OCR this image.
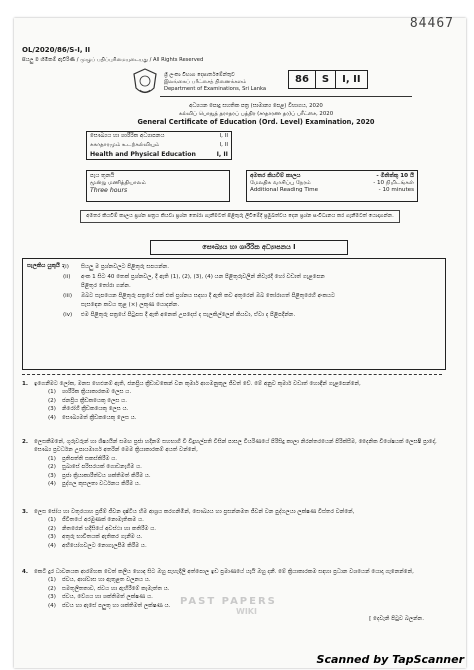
84467
OL/2020/86/S-I, II
සියලු ම හිමිකම් ඇවිරිණි / முழுப் பதிப்புரிமையுடையது / All Rights Reserved
ශ්‍රී ලංකා විභාග දෙපාර්තමේන්තුව
இலங்கைப் பரீட்சைத் திணைக்களம்
Department of Examinations, Sri Lanka
86	S	I, II
අධ්‍යයන පොදු සහතික පත්‍ර (සාමාන්‍ය පෙළ) විභාගය, 2020
கல்விப் பொதுத் தராதரப் பத்திர (சாதாரண தர)ப் பரீட்சை, 2020
General Certificate of Education (Ord. Level) Examination, 2020
සෞඛ්‍යය හා ශාරීරික අධ්‍යාපනය	I, II
சுகாதாரமும் உடற்கல்வியும்	I, II
Health and Physical Education	I, II
පැය තුනයි
மூன்று மணித்தியாலம்
Three hours
අමතර කියවීම් කාලය	- මිනිත්තු 10 යි
மேலதிக வாசிப்பு நேரம்	- 10 நிமிடங்கள்
Additional Reading Time	- 10 minutes
අමතර කියවීම් කාලය ප්‍රශ්න පත්‍රය කියවා ප්‍රශ්න තෝරා ගැනීමටත් පිළිතුරු ලිවීමේදී ප්‍රමුඛත්වය දෙන ප්‍රශ්න සංවිධානය කර ගැනීමටත් යොදාගන්න.
සෞඛ්‍යය හා ශාරීරික අධ්‍යාපනය I
සැලකිය යුතුයි :
(i)	සියලු ම ප්‍රශ්නවලට පිළිතුරු සපයන්න.
(ii)	අංක 1 සිට 40 තෙක් ප්‍රශ්නවල, දී ඇති (1), (2), (3), (4) යන පිළිතුරුවලින් නිවැරදි හෝ වඩාත් ගැළපෙන
පිළිතුර තෝරා ගන්න.
(iii)	ඔබට සැපයෙන පිළිතුරු පත්‍රයේ එක් එක් ප්‍රශ්නය සඳහා දී ඇති කව අතුරෙන් ඔබ තෝරාගත් පිළිතුරෙහි අංකයට
සැසඳෙන කවය තුළ (×) ලකුණ යොදන්න.
(iv)	එම පිළිතුරු පත්‍රයේ පිටුපස දී ඇති අනෙක් උපදෙස් ද සැලකිල්ලෙන් කියවා, ඒවා ද පිළිපදින්න.
1. ඉගෙනීමට ලෝක, මනස හෙළුනම් ඇති, ජනප්‍රිය ක්‍රීඩාවකෙන් වන කුමාර් ආගමනුකූල ජීවත් වේ. මේ අනුව කුමාර් වඩාත් හොඳින් ගැළපෙන්නේ,
(1)	ශාරීරික ක්‍රියාකාරකම ලෙස ය.
(2)	ජනප්‍රිය ක්‍රීඩකයෙකු ලෙස ය.
(3)	නිරෝගී ක්‍රීඩකයෙකු ලෙස ය.
(4)	සෞඛ්‍යමත් ක්‍රීඩකයෙකු ලෙස ය.
2. ලෙසකීමනේ, ගුරුවරුන් හා ශිෂ්‍යයින් සමඟ ප්‍රජා හදිනම් සහභාගි වී විදුහල්පති වීසින් පාසල වියරිණයේ පිරිසිදු කාලා නිරන්තරයෙන් පිරික්සීම, දෛනික විශේෂයක් ලෙසෂී ප්‍රාදේ, සෞඛ්‍ය ප්‍රවර්ධන උපායමාර්ග අතරින් මෙම ක්‍රියාකාරකම් අයත් වන්නේ,
(1)	ප්‍රතිපත්ති සකස්කිරීම ය.
(2)	සුඛාසේ පරිසරයක් ගොඩනැගීම ය.
(3)	ප්‍රජා ක්‍රියාකාරීත්වය ශක්තිමත් කිරීම ය.
(4)	පුද්ගල කුසලතා වර්ධනය කිරීම ය.
3. ලෙස ජෝය හා වතුරයාහ ප්‍රජීම් ජීවන දෘෂ්ටිය හිම ආශ්‍රය කරගනිමින්, සෞඛ්‍යය හා ප්‍රසන්නමත ජීවන් වන පුද්ගලයා ලක්ෂණ විස්තර වන්නේ,
(1)	ජීවිතයේ අරමුණක් නොමැතිකම ය.
(2)	නිතරෙන් හදිසියේ අවස්ථා හා කතිරීම ය.
(3)	අතුරු භාවිතයක් ඇතිකර ගැනීම ය.
(4)	අභියෝගවලට නොගැලපීම කිරීම ය.
4. කෙටි දුර ධාවනයක ආරම්භක වෙත් කලිය හොඳ සිට ඔහු පැහැදිලි අත්පොල ඉඩ ප්‍රමාණයේ යැයි ඔහු දනී. මේ ක්‍රියාකාරකම සඳහා ප්‍රධාන වශයෙන් යොදා ගැනෙන්නේ,
(1)	ජවය, ආශ්වාස හා ඇතුළත වලනය ය.
(2)	සමතුලිතතාව, ජවය හා ඇහිරීමේ කැමැත්ත ය.
(3)	ජවය, වේගය හා ශක්තිමත් ලක්ෂණ ය.
(4)	ජවය හා ඇසේ පලුතු හා ශක්තිමත් ලක්ෂණ ය. PAST PAPERS
WIKI
[ දෙවැනි පිටුව බලන්න.
Scanned by TapScanner
